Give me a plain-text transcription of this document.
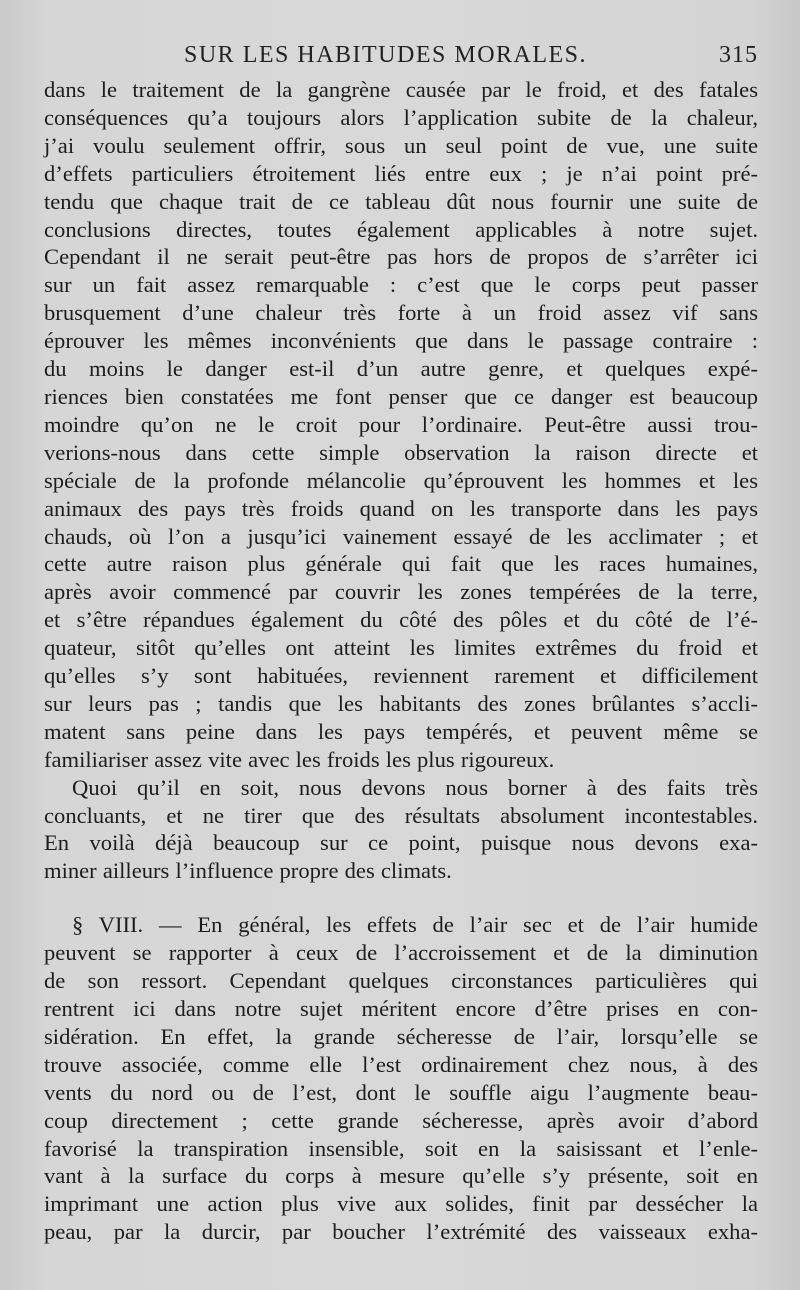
SUR LES HABITUDES MORALES.	315

dans le traitement de la gangrène causée par le froid, et des fatales
conséquences qu’a toujours alors l’application subite de la chaleur,
j’ai voulu seulement offrir, sous un seul point de vue, une suite
d’effets particuliers étroitement liés entre eux ; je n’ai point pré-
tendu que chaque trait de ce tableau dût nous fournir une suite de
conclusions directes, toutes également applicables à notre sujet.
Cependant il ne serait peut-être pas hors de propos de s’arrêter ici
sur un fait assez remarquable : c’est que le corps peut passer
brusquement d’une chaleur très forte à un froid assez vif sans
éprouver les mêmes inconvénients que dans le passage contraire :
du moins le danger est-il d’un autre genre, et quelques expé-
riences bien constatées me font penser que ce danger est beaucoup
moindre qu’on ne le croit pour l’ordinaire. Peut-être aussi trou-
verions-nous dans cette simple observation la raison directe et
spéciale de la profonde mélancolie qu’éprouvent les hommes et les
animaux des pays très froids quand on les transporte dans les pays
chauds, où l’on a jusqu’ici vainement essayé de les acclimater ; et
cette autre raison plus générale qui fait que les races humaines,
après avoir commencé par couvrir les zones tempérées de la terre,
et s’être répandues également du côté des pôles et du côté de l’é-
quateur, sitôt qu’elles ont atteint les limites extrêmes du froid et
qu’elles s’y sont habituées, reviennent rarement et difficilement
sur leurs pas ; tandis que les habitants des zones brûlantes s’accli-
matent sans peine dans les pays tempérés, et peuvent même se
familiariser assez vite avec les froids les plus rigoureux.

Quoi qu’il en soit, nous devons nous borner à des faits très
concluants, et ne tirer que des résultats absolument incontestables.
En voilà déjà beaucoup sur ce point, puisque nous devons exa-
miner ailleurs l’influence propre des climats.

§ VIII. — En général, les effets de l’air sec et de l’air humide
peuvent se rapporter à ceux de l’accroissement et de la diminution
de son ressort. Cependant quelques circonstances particulières qui
rentrent ici dans notre sujet méritent encore d’être prises en con-
sidération. En effet, la grande sécheresse de l’air, lorsqu’elle se
trouve associée, comme elle l’est ordinairement chez nous, à des
vents du nord ou de l’est, dont le souffle aigu l’augmente beau-
coup directement ; cette grande sécheresse, après avoir d’abord
favorisé la transpiration insensible, soit en la saisissant et l’enle-
vant à la surface du corps à mesure qu’elle s’y présente, soit en
imprimant une action plus vive aux solides, finit par dessécher la
peau, par la durcir, par boucher l’extrémité des vaisseaux exha-
